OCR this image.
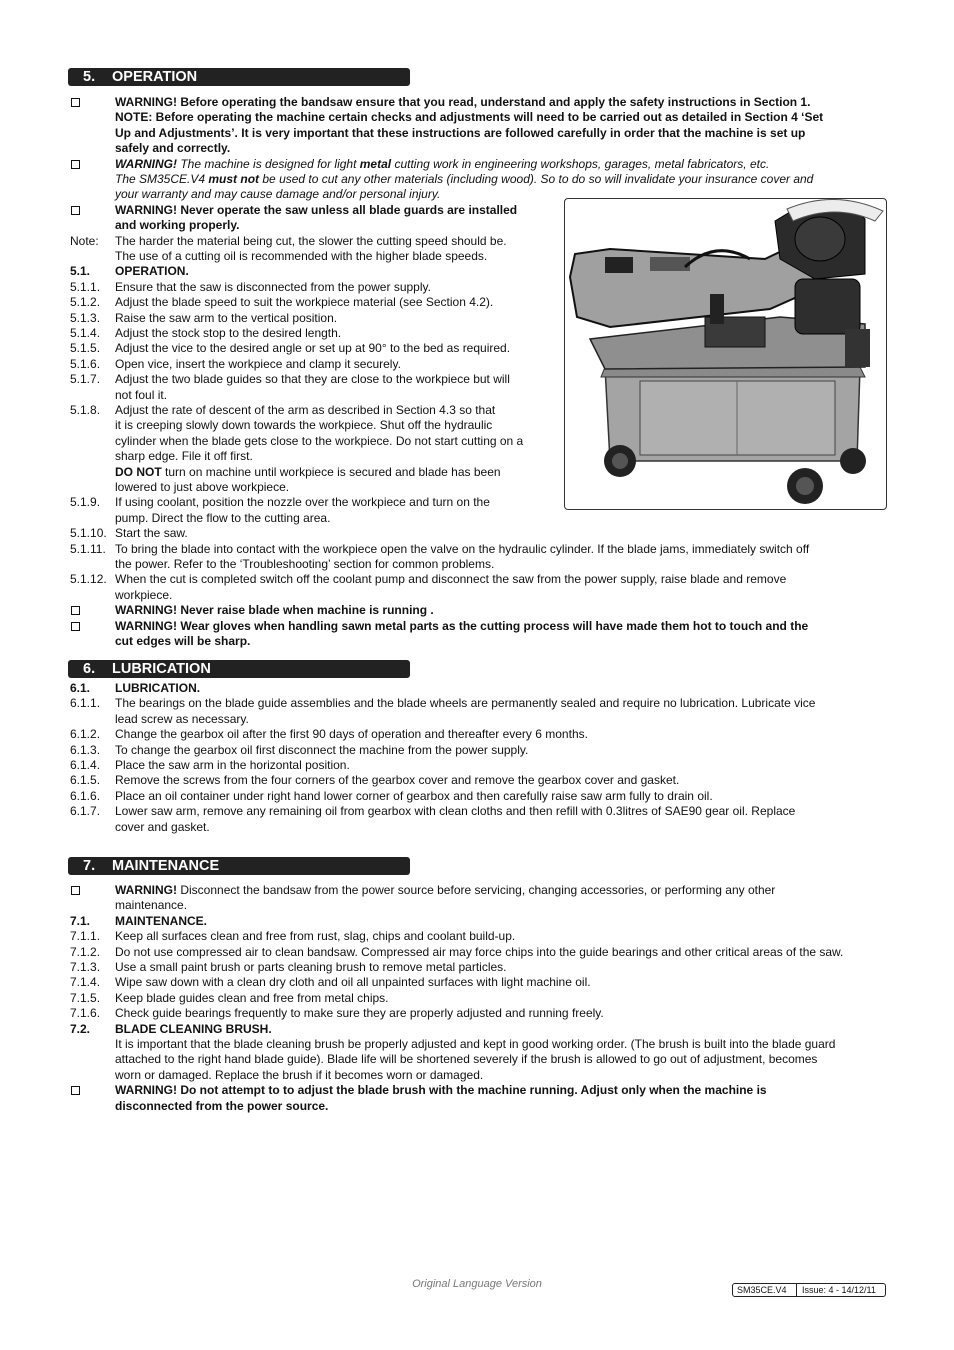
5. OPERATION
6. LUBRICATION
7. MAINTENANCE
WARNING! Before operating the bandsaw ensure that you read, understand and apply the safety instructions in Section 1.
NOTE: Before operating the machine certain checks and adjustments will need to be carried out as detailed in Section 4 ‘Set
Up and Adjustments’. It is very important that these instructions are followed carefully in order that the machine is set up
safely and correctly.
WARNING! The machine is designed for light metal cutting work in engineering workshops, garages, metal fabricators, etc.
The SM35CE.V4 must not be used to cut any other materials (including wood). So to do so will invalidate your insurance cover and
your warranty and may cause damage and/or personal injury.
WARNING! Never operate the saw unless all blade guards are installed
and working properly.
Note:	The harder the material being cut, the slower the cutting speed should be.
The use of a cutting oil is recommended with the higher blade speeds.
5.1.	OPERATION.
5.1.1.	Ensure that the saw is disconnected from the power supply.
5.1.2.	Adjust the blade speed to suit the workpiece material (see Section 4.2).
5.1.3.	Raise the saw arm to the vertical position.
5.1.4.	Adjust the stock stop to the desired length.
5.1.5.	Adjust the vice to the desired angle or set up at 90° to the bed as required.
5.1.6.	Open vice, insert the workpiece and clamp it securely.
5.1.7.	Adjust the two blade guides so that they are close to the workpiece but will
not foul it.
5.1.8.	Adjust the rate of descent of the arm as described in Section 4.3 so that
it is creeping slowly down towards the workpiece. Shut off the hydraulic
cylinder when the blade gets close to the workpiece. Do not start cutting on a
sharp edge. File it off first.
DO NOT turn on machine until workpiece is secured and blade has been
lowered to just above workpiece.
5.1.9.	If using coolant, position the nozzle over the workpiece and turn on the
pump. Direct the flow to the cutting area.
5.1.10. Start the saw.
5.1.11. To bring the blade into contact with the workpiece open the valve on the hydraulic cylinder. If the blade jams, immediately switch off
the power. Refer to the ‘Troubleshooting’ section for common problems.
5.1.12. When the cut is completed switch off the coolant pump and disconnect the saw from the power supply, raise blade and remove
workpiece.
WARNING! Never raise blade when machine is running .
WARNING! Wear gloves when handling sawn metal parts as the cutting process will have made them hot to touch and the
cut edges will be sharp.
6.1.	LUBRICATION.
6.1.1.	The bearings on the blade guide assemblies and the blade wheels are permanently sealed and require no lubrication. Lubricate vice
lead screw as necessary.
6.1.2.	Change the gearbox oil after the first 90 days of operation and thereafter every 6 months.
6.1.3.	To change the gearbox oil first disconnect the machine from the power supply.
6.1.4.	Place the saw arm in the horizontal position.
6.1.5.	Remove the screws from the four corners of the gearbox cover and remove the gearbox cover and gasket.
6.1.6.	Place an oil container under right hand lower corner of gearbox and then carefully raise saw arm fully to drain oil.
6.1.7.	Lower saw arm, remove any remaining oil from gearbox with clean cloths and then refill with 0.3litres of SAE90 gear oil. Replace
cover and gasket.
WARNING! Disconnect the bandsaw from the power source before servicing, changing accessories, or performing any other
maintenance.
7.1.	MAINTENANCE.
7.1.1.	Keep all surfaces clean and free from rust, slag, chips and coolant build-up.
7.1.2.	Do not use compressed air to clean bandsaw. Compressed air may force chips into the guide bearings and other critical areas of the saw.
7.1.3.	Use a small paint brush or parts cleaning brush to remove metal particles.
7.1.4.	Wipe saw down with a clean dry cloth and oil all unpainted surfaces with light machine oil.
7.1.5.	Keep blade guides clean and free from metal chips.
7.1.6.	Check guide bearings frequently to make sure they are properly adjusted and running freely.
7.2.	BLADE CLEANING BRUSH.
It is important that the blade cleaning brush be properly adjusted and kept in good working order. (The brush is built into the blade guard
attached to the right hand blade guide). Blade life will be shortened severely if the brush is allowed to go out of adjustment, becomes
worn or damaged. Replace the brush if it becomes worn or damaged.
WARNING! Do not attempt to to adjust the blade brush with the machine running. Adjust only when the machine is
disconnected from the power source.
Original Language Version	SM35CE.V4 Issue: 4 - 14/12/11
